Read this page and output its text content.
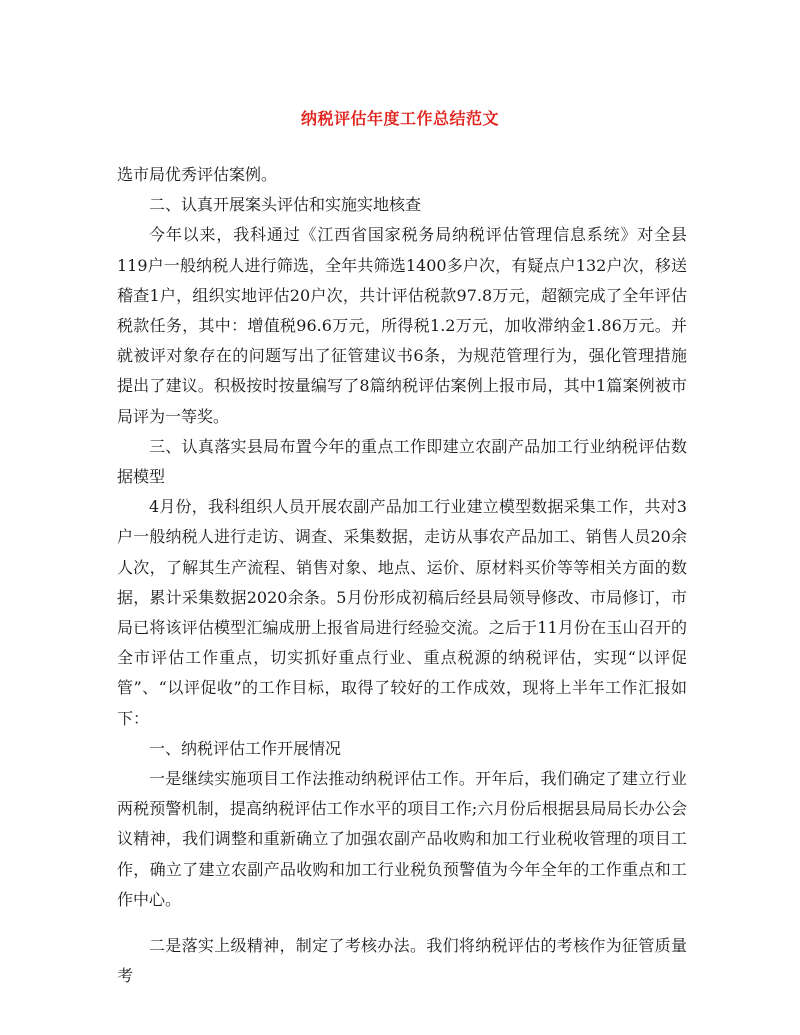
纳税评估年度工作总结范文

选市局优秀评估案例。

二、认真开展案头评估和实施实地核查

今年以来，我科通过《江西省国家税务局纳税评估管理信息系统》对全县119户一般纳税人进行筛选，全年共筛选1400多户次，有疑点户132户次，移送稽查1户，组织实地评估20户次，共计评估税款97.8万元，超额完成了全年评估税款任务，其中：增值税96.6万元，所得税1.2万元，加收滞纳金1.86万元。并就被评对象存在的问题写出了征管建议书6条，为规范管理行为，强化管理措施提出了建议。积极按时按量编写了8篇纳税评估案例上报市局，其中1篇案例被市局评为一等奖。

三、认真落实县局布置今年的重点工作即建立农副产品加工行业纳税评估数据模型

4月份，我科组织人员开展农副产品加工行业建立模型数据采集工作，共对3户一般纳税人进行走访、调查、采集数据，走访从事农产品加工、销售人员20余人次，了解其生产流程、销售对象、地点、运价、原材料买价等等相关方面的数据，累计采集数据2020余条。5月份形成初稿后经县局领导修改、市局修订，市局已将该评估模型汇编成册上报省局进行经验交流。之后于11月份在玉山召开的全市评估工作重点，切实抓好重点行业、重点税源的纳税评估，实现“以评促管”、“以评促收”的工作目标，取得了较好的工作成效，现将上半年工作汇报如下：

一、纳税评估工作开展情况

一是继续实施项目工作法推动纳税评估工作。开年后，我们确定了建立行业两税预警机制，提高纳税评估工作水平的项目工作;六月份后根据县局局长办公会议精神，我们调整和重新确立了加强农副产品收购和加工行业税收管理的项目工作，确立了建立农副产品收购和加工行业税负预警值为今年全年的工作重点和工作中心。

二是落实上级精神，制定了考核办法。我们将纳税评估的考核作为征管质量考
